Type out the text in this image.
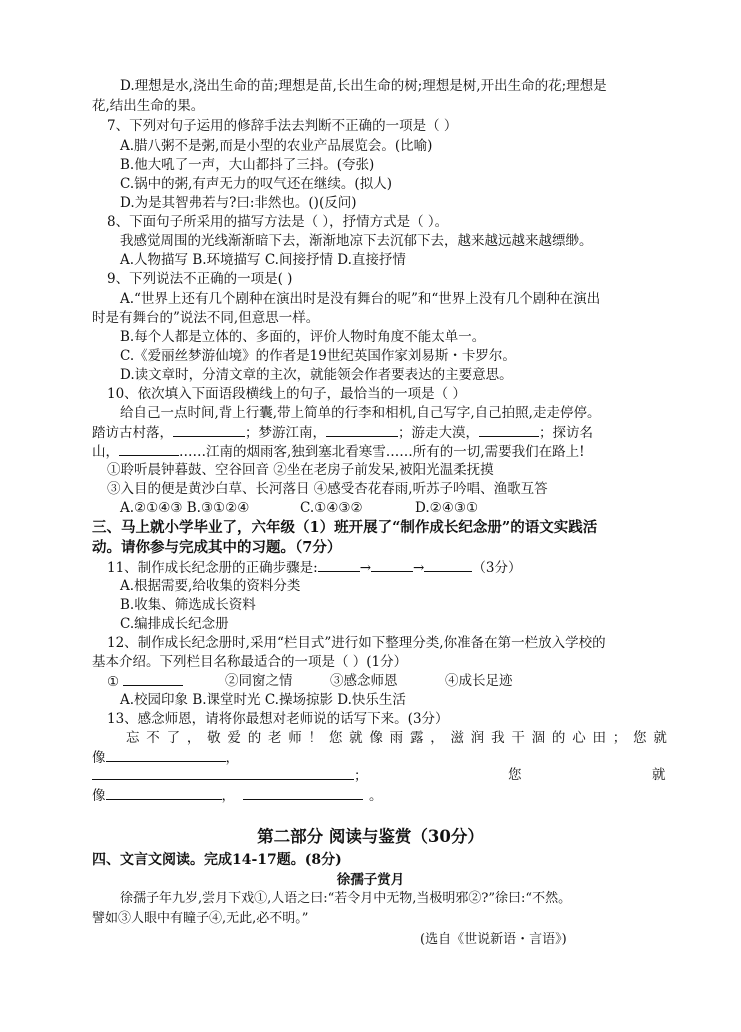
D.理想是水,浇出生命的苗;理想是苗,长出生命的树;理想是树,开出生命的花;理想是
花,结出生命的果。
7、下列对句子运用的修辞手法去判断不正确的一项是（ ）
A.腊八粥不是粥,而是小型的农业产品展览会。(比喻)
B.他大吼了一声，大山都抖了三抖。(夸张)
C.锅中的粥,有声无力的叹气还在继续。(拟人)
D.为是其智弗若与?曰:非然也。()(反问)
8、下面句子所采用的描写方法是（ ），抒情方式是（ ）。
我感觉周围的光线渐渐暗下去，渐渐地凉下去沉郁下去，越来越远越来越缥缈。
A.人物描写 B.环境描写 C.间接抒情 D.直接抒情
9、下列说法不正确的一项是( )
A.“世界上还有几个剧种在演出时是没有舞台的呢”和“世界上没有几个剧种在演出
时是有舞台的”说法不同,但意思一样。
B.每个人都是立体的、多面的，评价人物时角度不能太单一。
C.《爱丽丝梦游仙境》的作者是19世纪英国作家刘易斯・卡罗尔。
D.读文章时，分清文章的主次，就能领会作者要表达的主要意思。
10、依次填入下面语段横线上的句子，最恰当的一项是（ ）
给自己一点时间,背上行囊,带上简单的行李和相机,自己写字,自己拍照,走走停停。
踏访古村落，	；梦游江南，	；游走大漠，	；探访名
山，	……江南的烟雨客,独到塞北看寒雪……所有的一切,需要我们在路上!
①聆听晨钟暮鼓、空谷回音 ②坐在老房子前发呆,被阳光温柔抚摸
③入目的便是黄沙白草、长河落日 ④感受杏花春雨,听苏子吟唱、渔歌互答
A.②①④③ B.③①②④	C.①④③②	D.②④③①
三、马上就小学毕业了，六年级（1）班开展了“制作成长纪念册”的语文实践活
动。请你参与完成其中的习题。（7分）
11、制作成长纪念册的正确步骤是:	→	→	（3分）
A.根据需要,给收集的资料分类
B.收集、筛选成长资料
C.编排成长纪念册
12、制作成长纪念册时,采用“栏目式”进行如下整理分类,你准备在第一栏放入学校的
基本介绍。下列栏目名称最适合的一项是（ ）(1分）
①	②同窗之情	③感念师恩	④成长足迹
A.校园印象 B.课堂时光 C.操场掠影 D.快乐生活
13、感念师恩，请将你最想对老师说的话写下来。(3分）
忘 不 了 ， 敬 爱 的 老 师 ！ 您 就 像 雨 露 ， 滋 润 我 干 涸 的 心 田 ； 您 就
像	，
；	您	就
像	，	。
第二部分 阅读与鉴赏（30分）
四、文言文阅读。完成14-17题。(8分)
徐孺子赏月
徐孺子年九岁,尝月下戏①,人语之曰:“若令月中无物,当极明邪②?”徐曰:“不然。
譬如③人眼中有瞳子④,无此,必不明。”
(选自《世说新语・言语》)
